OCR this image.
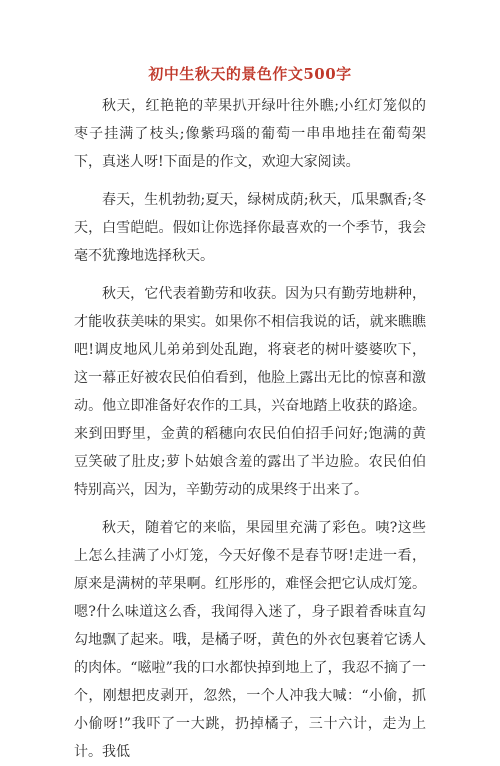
初中生秋天的景色作文500字

秋天，红艳艳的苹果扒开绿叶往外瞧;小红灯笼似的枣子挂满了枝头;像紫玛瑙的葡萄一串串地挂在葡萄架下，真迷人呀!下面是的作文，欢迎大家阅读。

春天，生机勃勃;夏天，绿树成荫;秋天，瓜果飘香;冬天，白雪皑皑。假如让你选择你最喜欢的一个季节，我会毫不犹豫地选择秋天。

秋天，它代表着勤劳和收获。因为只有勤劳地耕种，才能收获美味的果实。如果你不相信我说的话，就来瞧瞧吧!调皮地风儿弟弟到处乱跑，将衰老的树叶婆婆吹下，这一幕正好被农民伯伯看到，他脸上露出无比的惊喜和激动。他立即准备好农作的工具，兴奋地踏上收获的路途。来到田野里，金黄的稻穗向农民伯伯招手问好;饱满的黄豆笑破了肚皮;萝卜姑娘含羞的露出了半边脸。农民伯伯特别高兴，因为，辛勤劳动的成果终于出来了。

秋天，随着它的来临，果园里充满了彩色。咦?这些上怎么挂满了小灯笼，今天好像不是春节呀!走进一看，原来是满树的苹果啊。红彤彤的，难怪会把它认成灯笼。嗯?什么味道这么香，我闻得入迷了，身子跟着香味直勾勾地飘了起来。哦，是橘子呀，黄色的外衣包裹着它诱人的肉体。“嗞啦”我的口水都快掉到地上了，我忍不摘了一个，刚想把皮剥开，忽然，一个人冲我大喊：“小偷，抓小偷呀!”我吓了一大跳，扔掉橘子，三十六计，走为上计。我低
